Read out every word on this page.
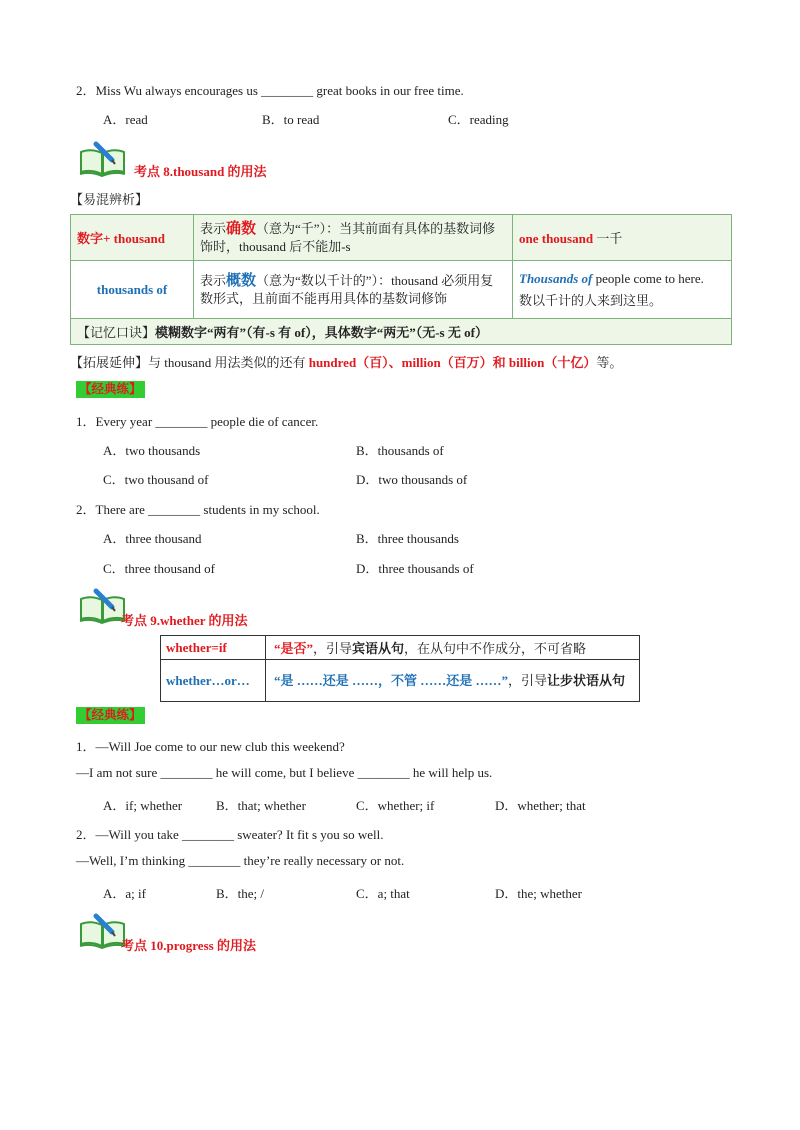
2．Miss Wu always encourages us ________ great books in our free time.
A．read	B．to read	C．reading
考点 8.thousand 的用法
【易混辨析】
数字+ thousand	表示确数（意为“千”）：当其前面有具体的基数词修饰时，thousand 后不能加-s	one thousand 一千
thousands of	表示概数（意为“数以千计的”）：thousand 必须用复数形式，且前面不能再用具体的基数词修饰	Thousands of people come to here.
数以千计的人来到这里。
【记忆口诀】模糊数字“两有”（有-s 有 of），具体数字“两无”（无-s 无 of）		
【拓展延伸】与 thousand 用法类似的还有 hundred（百）、million（百万）和 billion（十亿）等。
【经典练】
1．Every year ________ people die of cancer.
A．two thousands	B．thousands of
C．two thousand of	D．two thousands of
2．There are ________ students in my school.
A．three thousand	B．three thousands
C．three thousand of	D．three thousands of
考点 9.whether 的用法
whether=if	“是否”，引导宾语从句，在从句中不作成分，不可省略
whether…or…	“是 ……还是 ……，不管 ……还是 ……”，引导让步状语从句
【经典练】
1．—Will Joe come to our new club this weekend?
—I am not sure ________ he will come, but I believe ________ he will help us.
A．if; whether	B．that; whether	C．whether; if	D．whether; that
2．—Will you take ________ sweater? It fit s you so well.
—Well, I’m thinking ________ they’re really necessary or not.
A．a; if	B．the; /	C．a; that	D．the; whether
考点 10.progress 的用法
